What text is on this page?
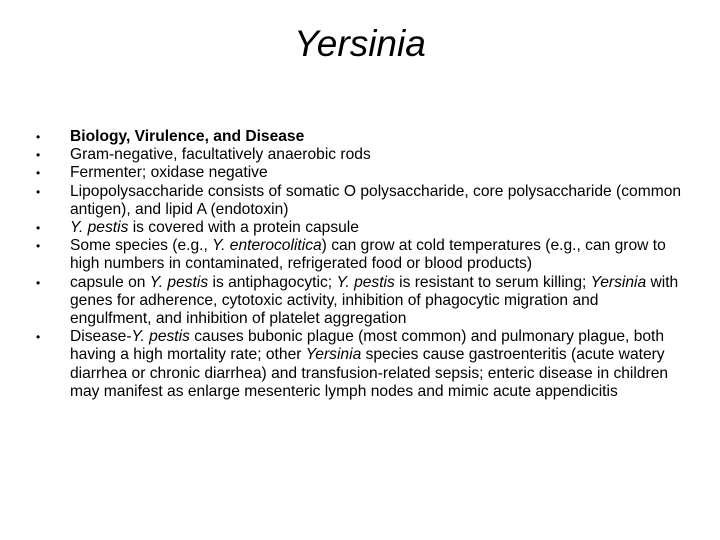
Yersinia
•	Biology, Virulence, and Disease
•	Gram-negative, facultatively anaerobic rods
•	Fermenter; oxidase negative
•	Lipopolysaccharide consists of somatic O polysaccharide, core polysaccharide (common antigen), and lipid A (endotoxin)
•	Y. pestis is covered with a protein capsule
•	Some species (e.g., Y. enterocolitica) can grow at cold temperatures (e.g., can grow to high numbers in contaminated, refrigerated food or blood products)
•	capsule on Y. pestis is antiphagocytic; Y. pestis is resistant to serum killing; Yersinia with genes for adherence, cytotoxic activity, inhibition of phagocytic migration and engulfment, and inhibition of platelet aggregation
•	Disease-Y. pestis causes bubonic plague (most common) and pulmonary plague, both having a high mortality rate; other Yersinia species cause gastroenteritis (acute watery diarrhea or chronic diarrhea) and transfusion-related sepsis; enteric disease in children may manifest as enlarge mesenteric lymph nodes and mimic acute appendicitis
